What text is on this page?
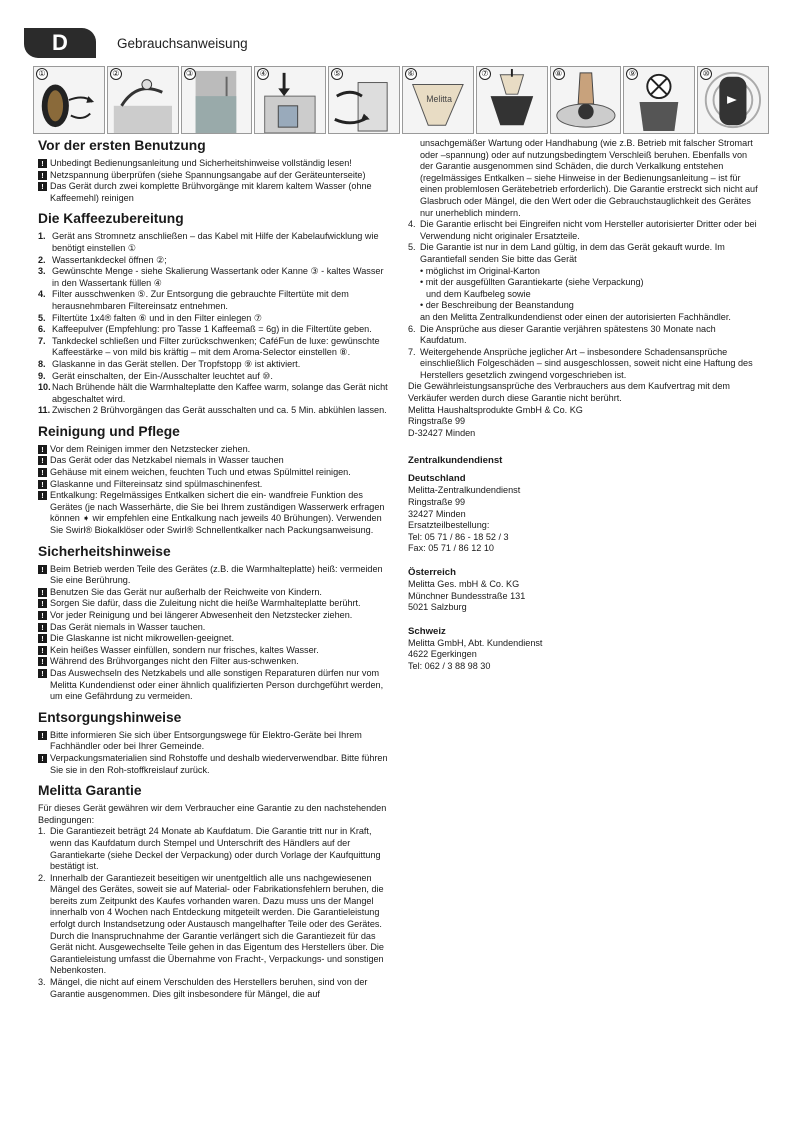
D	Gebrauchsanweisung
①	②	③	④	⑤	⑥
Melitta
⑦	⑧	⑨	⑩
Vor der ersten Benutzung
! Unbedingt Bedienungsanleitung und Sicherheitshinweise vollständig lesen!
! Netzspannung überprüfen (siehe Spannungsangabe auf der Geräteunterseite)
! Das Gerät durch zwei komplette Brühvorgänge mit klarem kaltem Wasser (ohne Kaffeemehl) reinigen
Die Kaffeezubereitung
1. Gerät ans Stromnetz anschließen – das Kabel mit Hilfe der Kabelaufwicklung wie benötigt einstellen ①
2. Wassertankdeckel öffnen ②;
3. Gewünschte Menge - siehe Skalierung Wassertank oder Kanne ③ - kaltes Wasser in den Wassertank füllen ④
4. Filter ausschwenken ⑤. Zur Entsorgung die gebrauchte Filtertüte mit dem herausnehmbaren Filtereinsatz entnehmen.
5. Filtertüte 1x4® falten ⑥ und in den Filter einlegen ⑦
6. Kaffeepulver (Empfehlung: pro Tasse 1 Kaffeemaß = 6g) in die Filtertüte geben.
7. Tankdeckel schließen und Filter zurückschwenken; CaféFun de luxe: gewünschte Kaffeestärke – von mild bis kräftig – mit dem Aroma-Selector einstellen ⑧.
8. Glaskanne in das Gerät stellen. Der Tropfstopp ⑨ ist aktiviert.
9. Gerät einschalten, der Ein-/Ausschalter leuchtet auf ⑩.
10. Nach Brühende hält die Warmhalteplatte den Kaffee warm, solange das Gerät nicht abgeschaltet wird.
11. Zwischen 2 Brühvorgängen das Gerät ausschalten und ca. 5 Min. abkühlen lassen.
Reinigung und Pflege
! Vor dem Reinigen immer den Netzstecker ziehen.
! Das Gerät oder das Netzkabel niemals in Wasser tauchen
! Gehäuse mit einem weichen, feuchten Tuch und etwas Spülmittel reinigen.
! Glaskanne und Filtereinsatz sind spülmaschinenfest.
! Entkalkung: Regelmässiges Entkalken sichert die ein- wandfreie Funktion des Gerätes (je nach Wasserhärte, die Sie bei Ihrem zuständigen Wasserwerk erfragen können ➧ wir empfehlen eine Entkalkung nach jeweils 40 Brühungen). Verwenden Sie Swirl® Biokalklöser oder Swirl® Schnellentkalker nach Packungsanweisung.
Sicherheitshinweise
! Beim Betrieb werden Teile des Gerätes (z.B. die Warmhalteplatte) heiß: vermeiden Sie eine Berührung.
! Benutzen Sie das Gerät nur außerhalb der Reichweite von Kindern.
! Sorgen Sie dafür, dass die Zuleitung nicht die heiße Warmhalteplatte berührt.
! Vor jeder Reinigung und bei längerer Abwesenheit den Netzstecker ziehen.
! Das Gerät niemals in Wasser tauchen.
! Die Glaskanne ist nicht mikrowellen-geeignet.
! Kein heißes Wasser einfüllen, sondern nur frisches, kaltes Wasser.
! Während des Brühvorganges nicht den Filter aus-schwenken.
! Das Auswechseln des Netzkabels und alle sonstigen Reparaturen dürfen nur vom Melitta Kundendienst oder einer ähnlich qualifizierten Person durchgeführt werden, um eine Gefährdung zu vermeiden.
Entsorgungshinweise
! Bitte informieren Sie sich über Entsorgungswege für Elektro-Geräte bei Ihrem Fachhändler oder bei Ihrer Gemeinde.
! Verpackungsmaterialien sind Rohstoffe und deshalb wiederverwendbar. Bitte führen Sie sie in den Roh-stoffkreislauf zurück.
Melitta Garantie
Für dieses Gerät gewähren wir dem Verbraucher eine Garantie zu den nachstehenden Bedingungen:
1. Die Garantiezeit beträgt 24 Monate ab Kaufdatum. Die Garantie tritt nur in Kraft, wenn das Kaufdatum durch Stempel und Unterschrift des Händlers auf der Garantiekarte (siehe Deckel der Verpackung) oder durch Vorlage der Kaufquittung bestätigt ist.
2. Innerhalb der Garantiezeit beseitigen wir unentgeltlich alle uns nachgewiesenen Mängel des Gerätes, soweit sie auf Material- oder Fabrikationsfehlern beruhen, die bereits zum Zeitpunkt des Kaufes vorhanden waren. Dazu muss uns der Mangel innerhalb von 4 Wochen nach Entdeckung mitgeteilt werden. Die Garantieleistung erfolgt durch Instandsetzung oder Austausch mangelhafter Teile oder des Gerätes. Durch die Inanspruchnahme der Garantie verlängert sich die Garantiezeit für das Gerät nicht. Ausgewechselte Teile gehen in das Eigentum des Herstellers über. Die Garantieleistung umfasst die Übernahme von Fracht-, Verpackungs- und sonstigen Nebenkosten.
3. Mängel, die nicht auf einem Verschulden des Herstellers beruhen, sind von der Garantie ausgenommen. Dies gilt insbesondere für Mängel, die auf
unsachgemäßer Wartung oder Handhabung (wie z.B. Betrieb mit falscher Stromart oder –spannung) oder auf nutzungsbedingtem Verschleiß beruhen. Ebenfalls von der Garantie ausgenommen sind Schäden, die durch Verkalkung entstehen (regelmässiges Entkalken – siehe Hinweise in der Bedienungsanleitung – ist für einen problemlosen Gerätebetrieb erforderlich). Die Garantie erstreckt sich nicht auf Glasbruch oder Mängel, die den Wert oder die Gebrauchstauglichkeit des Gerätes nur unerheblich mindern.
4. Die Garantie erlischt bei Eingreifen nicht vom Hersteller autorisierter Dritter oder bei Verwendung nicht originaler Ersatzteile.
5. Die Garantie ist nur in dem Land gültig, in dem das Gerät gekauft wurde. Im Garantiefall senden Sie bitte das Gerät
• möglichst im Original-Karton
• mit der ausgefüllten Garantiekarte (siehe Verpackung)
und dem Kaufbeleg sowie
• der Beschreibung der Beanstandung
an den Melitta Zentralkundendienst oder einen der autorisierten Fachhändler.
6. Die Ansprüche aus dieser Garantie verjähren spätestens 30 Monate nach Kaufdatum.
7. Weitergehende Ansprüche jeglicher Art – insbesondere Schadensansprüche einschließlich Folgeschäden – sind ausgeschlossen, soweit nicht eine Haftung des Herstellers gesetzlich zwingend vorgeschrieben ist.
Die Gewährleistungsansprüche des Verbrauchers aus dem Kaufvertrag mit dem Verkäufer werden durch diese Garantie nicht berührt.
Melitta Haushaltsprodukte GmbH & Co. KG
Ringstraße 99
D-32427 Minden
Zentralkundendienst
Deutschland
Melitta-Zentralkundendienst
Ringstraße 99
32427 Minden
Ersatzteilbestellung:
Tel: 05 71 / 86 - 18 52 / 3
Fax: 05 71 / 86 12 10
Österreich
Melitta Ges. mbH & Co. KG
Münchner Bundesstraße 131
5021 Salzburg
Schweiz
Melitta GmbH, Abt. Kundendienst
4622 Egerkingen
Tel: 062 / 3 88 98 30
